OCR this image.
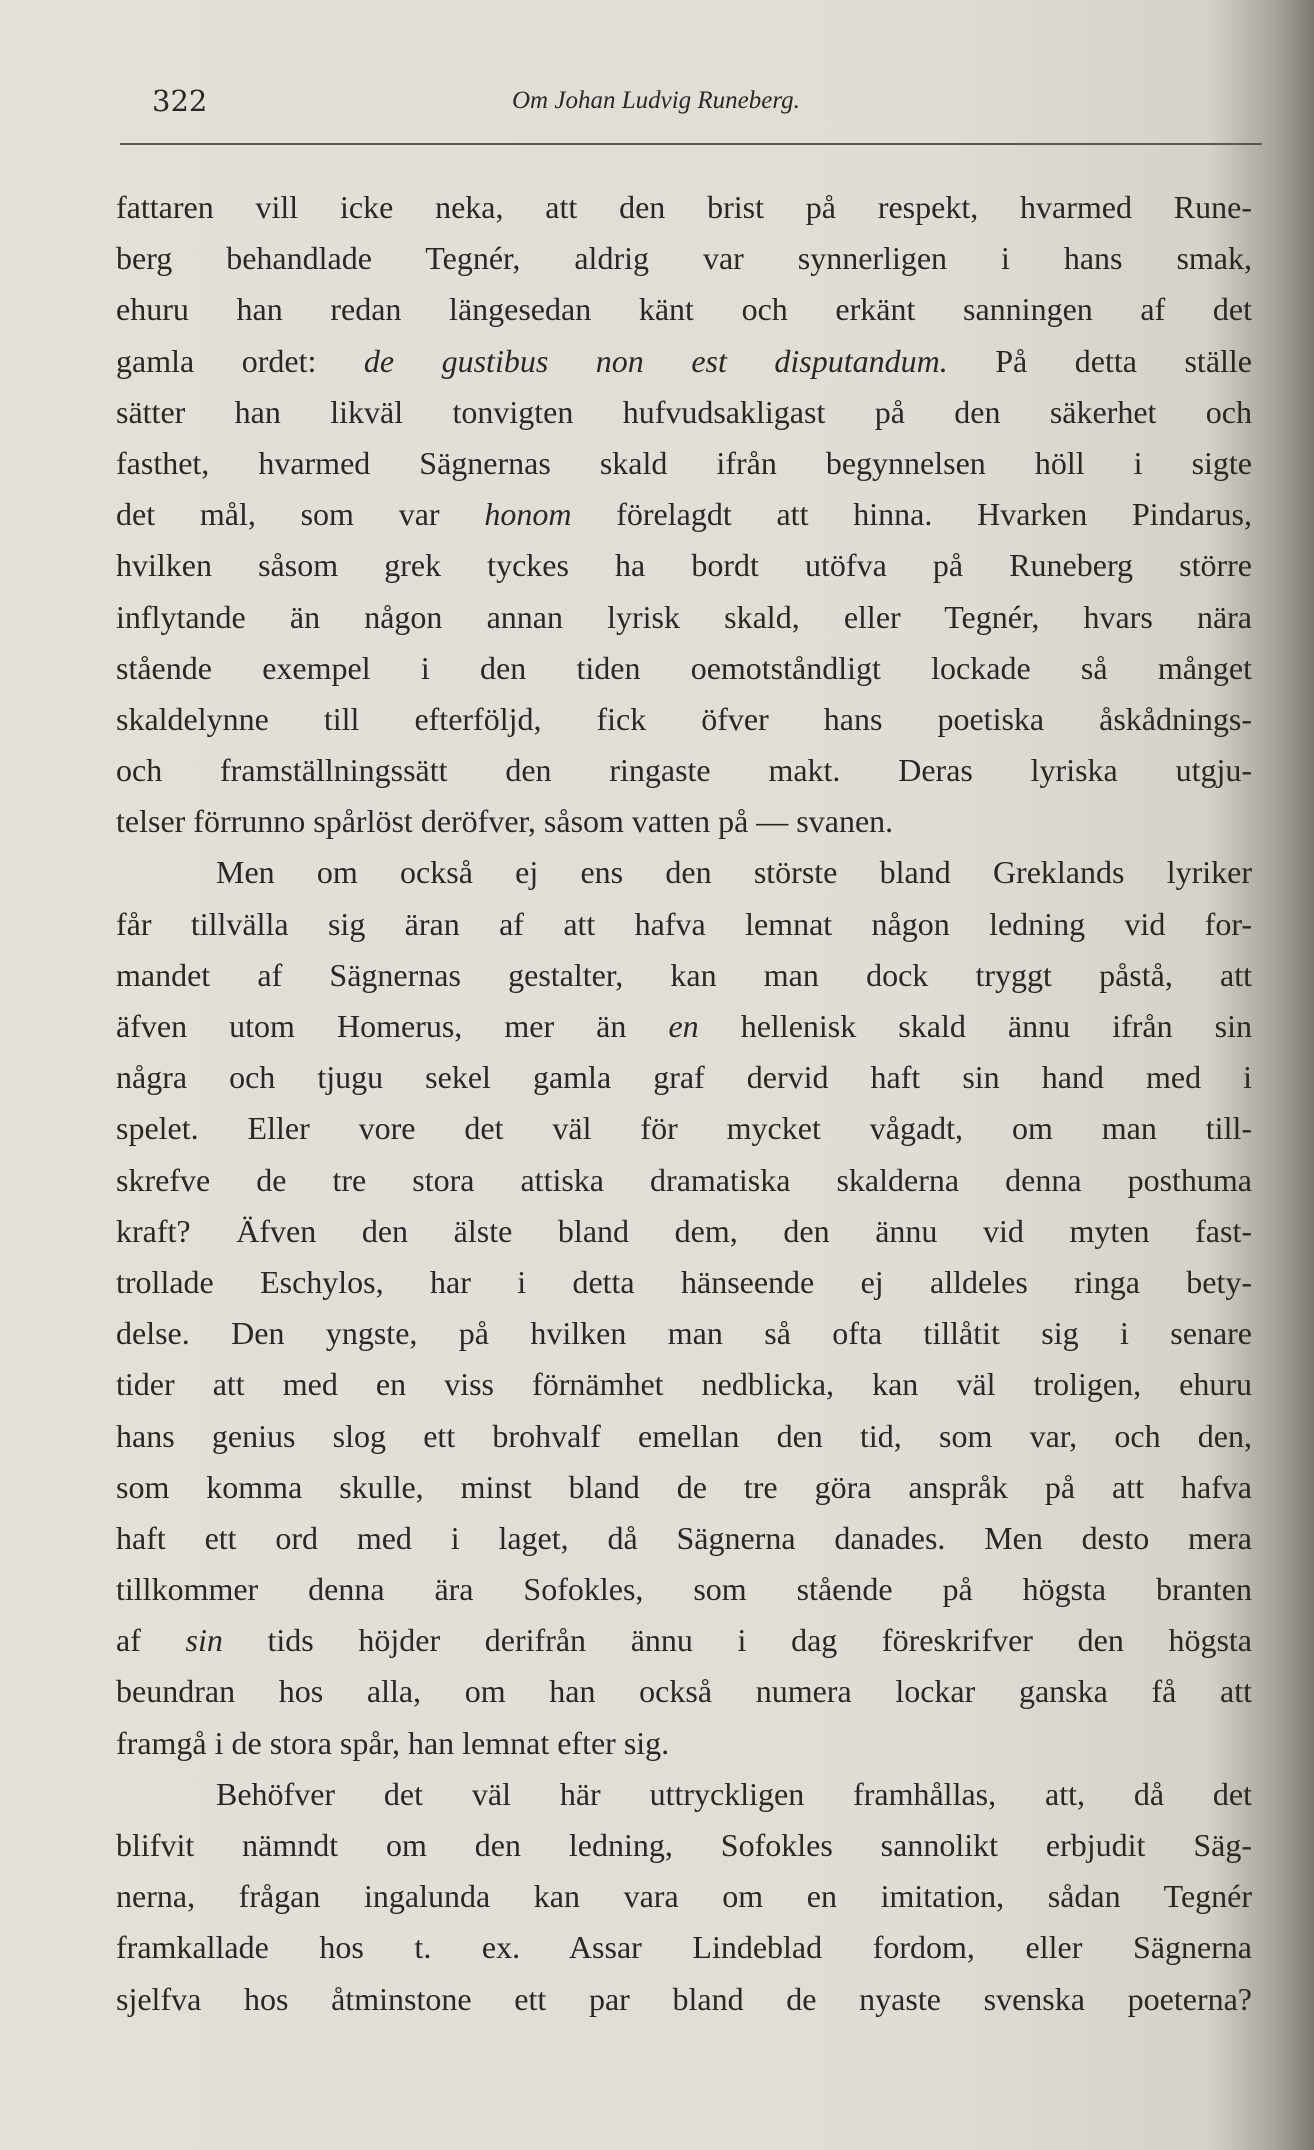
322	Om Johan Ludvig Runeberg.
fattaren vill icke neka, att den brist på respekt, hvarmed Rune-
berg behandlade Tegnér, aldrig var synnerligen i hans smak,
ehuru han redan längesedan känt och erkänt sanningen af det
gamla ordet: de gustibus non est disputandum. På detta ställe
sätter han likväl tonvigten hufvudsakligast på den säkerhet och
fasthet, hvarmed Sägnernas skald ifrån begynnelsen höll i sigte
det mål, som var honom förelagdt att hinna. Hvarken Pindarus,
hvilken såsom grek tyckes ha bordt utöfva på Runeberg större
inflytande än någon annan lyrisk skald, eller Tegnér, hvars nära
stående exempel i den tiden oemotståndligt lockade så månget
skaldelynne till efterföljd, fick öfver hans poetiska åskådnings-
och framställningssätt den ringaste makt. Deras lyriska utgju-
telser förrunno spårlöst deröfver, såsom vatten på — svanen.
Men om också ej ens den störste bland Greklands lyriker
får tillvälla sig äran af att hafva lemnat någon ledning vid for-
mandet af Sägnernas gestalter, kan man dock tryggt påstå, att
äfven utom Homerus, mer än en hellenisk skald ännu ifrån sin
några och tjugu sekel gamla graf dervid haft sin hand med i
spelet. Eller vore det väl för mycket vågadt, om man till-
skrefve de tre stora attiska dramatiska skalderna denna posthuma
kraft? Äfven den älste bland dem, den ännu vid myten fast-
trollade Eschylos, har i detta hänseende ej alldeles ringa bety-
delse. Den yngste, på hvilken man så ofta tillåtit sig i senare
tider att med en viss förnämhet nedblicka, kan väl troligen, ehuru
hans genius slog ett brohvalf emellan den tid, som var, och den,
som komma skulle, minst bland de tre göra anspråk på att hafva
haft ett ord med i laget, då Sägnerna danades. Men desto mera
tillkommer denna ära Sofokles, som stående på högsta branten
af sin tids höjder derifrån ännu i dag föreskrifver den högsta
beundran hos alla, om han också numera lockar ganska få att
framgå i de stora spår, han lemnat efter sig.
Behöfver det väl här uttryckligen framhållas, att, då det
blifvit nämndt om den ledning, Sofokles sannolikt erbjudit Säg-
nerna, frågan ingalunda kan vara om en imitation, sådan Tegnér
framkallade hos t. ex. Assar Lindeblad fordom, eller Sägnerna
sjelfva hos åtminstone ett par bland de nyaste svenska poeterna?
